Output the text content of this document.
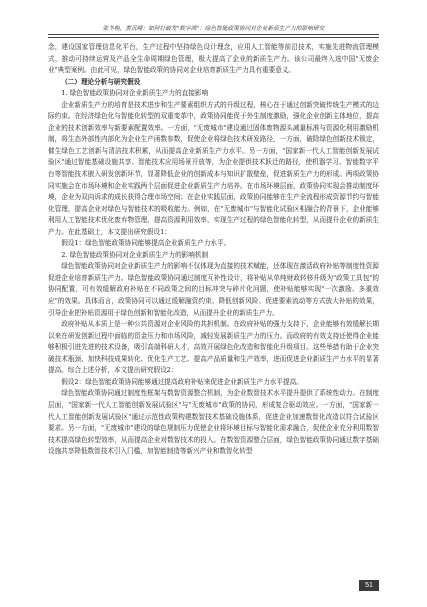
张冬梅，黄沉峰：如何打破发"数字鸿"：绿色智能政策协同对企业新质生产力的影响研究

念，建设国家管理信息化平台，生产过程中坚持绿色设计理念，应用人工智能等前沿技术，实施先进物流管理模式，推动可持续运营及产品全生命周期绿色管理，极大提高了企业的新质生产力。该公司最终入选中国"无废企业"典型案例。由此可见，绿色智能政策的协同对企业培育新质生产力具有重要意义。

（二）理论分析与研究假设
1. 绿色智能政策协同对企业新质生产力的直接影响

企业新质生产力的培育是技术进步和生产要素组织方式的升级过程，核心在于通过创新突破传统生产模式的边际约束。在经济绿色化与智能化转型的双重变革中，政策协同能促于外生制度激励，强化企业创新主体地位，提高企业的技术创新效率与新要素配置效率。一方面，"无废城市"建设通过固体废物源头减量标准与资源化利用激励机制，将生态外部性内部化为企业生产函数参数，促使企业将绿色技术研发路径，一方面，破除绿色创新技术锁定，催生绿色工艺创新与清洁技术积累，从而提高企业新质生产力水平。另一方面，"国家新一代人工智能创新发展试验区"通过智能基础设施共享、智能技术应用场景开放等，为企业提供技术跃迁的路径，使机器学习、智能数字平台等智能技术嵌入研发创新环节，显著降低企业的创新成本与知识扩散壁垒，促进新质生产力的形成。两项政策协同实施会在市场环境和企业实践两个层面促进企业新质生产力培养。在市场环境层面，政策协同实现会推动制度环境，企业为双向诉求的成长获得合理市场空间；在企业实践层面，政策协同能够在生产全流程形成资源节约与智能化管理，提高企业对绿色与智能技术的吸收能力。例如，在"无废城市"与智能化试验区相融合的背景下，企业能够利用人工智能技术优化废弃物管理、提高资源利用效率、实现生产过程的绿色智能化转型，从而提升企业的新质生产力。在此基础上，本文提出研究假设1：

假设1：绿色智能政策协同能够提高企业新质生产力水平。

2. 绿色智能政策协同对企业新质生产力的影响机制

绿色智能政策协同对企业新质生产力的影响不仅体现为直接的技术赋能，还体现在激活政府补贴等制度性资源促进企业培育新质生产力。绿色智能政策协同通过制度互补性设计，将补贴从单纯财政转移升级为"政策工具包"的协同配置，可有效缓解政府补贴在不同政策之间的目标冲突与碎片化问题，使补贴能够实现"一次激励、多重效应"的效果。具体而言，政策协同可以通过缓解融资约束、降低创新风险、促进要素流动等方式放大补贴的效果，引导企业把补贴资源用于绿色创新和智能化改造，从而提升企业的新质生产力。

政府补贴从本质上是一种公共资源对企业风险的共担机制。在政府补贴的强力支持下，企业能够有效缓解长期以来在研发创新过程中面临的资金压力和市场风险，减轻发展新质生产力的压力。而政府的有效支持还使得企业能够积极引进先进的技术设备，吸引高端科研人才，高效开展绿色化改造和智能化升级项目。这些举措有助于企业突破技术瓶颈、加快科技成果转化、优化生产工艺、提高产品质量和生产效率，进而促进企业新质生产力水平的显著提高。综合上述分析，本文提出研究假设2：

假设2：绿色智能政策协同能够通过提高政府补贴来促进企业新质生产力水平提高。

绿色智能政策协同通过制度性框架与数智资源整合机制，为企业数智技术水平提升提供了系统性动力。在制度层面，"国家新一代人工智能创新发展试验区"与"无废城市"政策的协同，形成复合驱动效应。一方面，"国家新一代人工智能创新发展试验区"通过示范性政策构建数智技术基础设施体系，促进企业加速数智化改造以符合试验区要求。另一方面，"无废城市"建设的绿色规制压力促使企业将环境目标与智能化需求融合，促使企业充分利用数智技术提高绿色转型效率，从而提高企业对数智技术的投入。在数智资源整合层面，绿色智能政策协同通过数字基础设施共享降低数智技术引入门槛，加智能制造等新兴产业和数智化转型

51
